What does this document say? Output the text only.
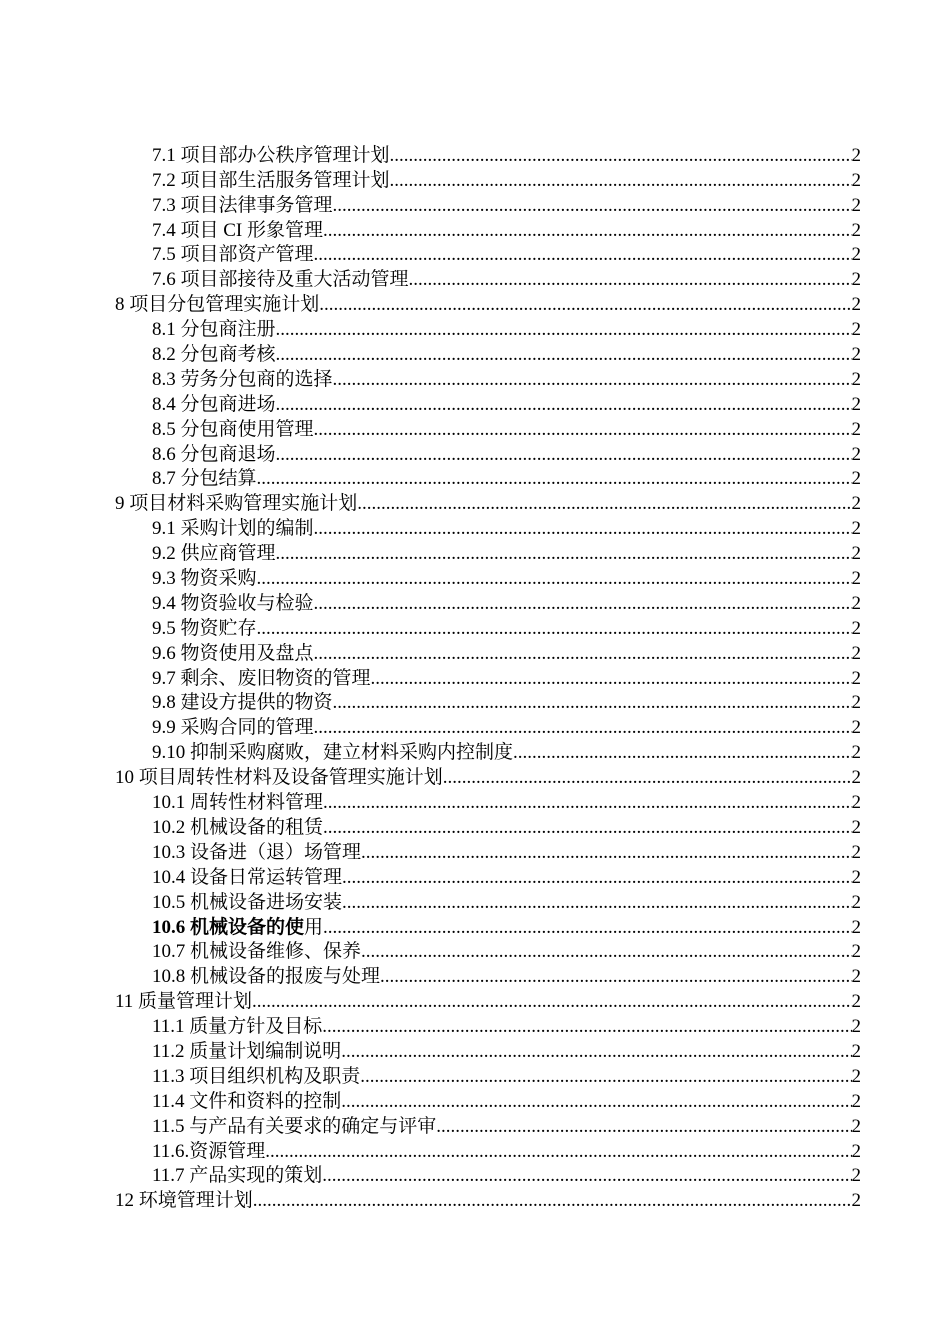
7.1 项目部办公秩序管理计划 .....	2
7.2 项目部生活服务管理计划 .....	2
7.3 项目法律事务管理 .....	2
7.4 项目 CI 形象管理 .....	2
7.5 项目部资产管理 .....	2
7.6 项目部接待及重大活动管理 .....	2
8 项目分包管理实施计划 .....	2
8.1 分包商注册 .....	2
8.2 分包商考核 .....	2
8.3 劳务分包商的选择 .....	2
8.4 分包商进场 .....	2
8.5 分包商使用管理 .....	2
8.6 分包商退场 .....	2
8.7 分包结算 .....	2
9 项目材料采购管理实施计划 .....	2
9.1 采购计划的编制 .....	2
9.2 供应商管理 .....	2
9.3 物资采购 .....	2
9.4 物资验收与检验 .....	2
9.5 物资贮存 .....	2
9.6 物资使用及盘点 .....	2
9.7 剩余、废旧物资的管理 .....	2
9.8 建设方提供的物资 .....	2
9.9 采购合同的管理 .....	2
9.10 抑制采购腐败，建立材料采购内控制度 .....	2
10 项目周转性材料及设备管理实施计划 .....	2
10.1 周转性材料管理 .....	2
10.2 机械设备的租赁 .....	2
10.3 设备进（退）场管理 .....	2
10.4 设备日常运转管理 .....	2
10.5 机械设备进场安装 .....	2
10.6 机械设备的使 用 .....	2
10.7 机械设备维修、保养 .....	2
10.8 机械设备的报废与处理 .....	2
11 质量管理计划 .....	2
11.1 质量方针及目标 .....	2
11.2 质量计划编制说明 .....	2
11.3 项目组织机构及职责 .....	2
11.4 文件和资料的控制 .....	2
11.5 与产品有关要求的确定与评审 .....	2
11.6.资源管理 .....	2
11.7 产品实现的策划 .....	2
12 环境管理计划 .....	2
